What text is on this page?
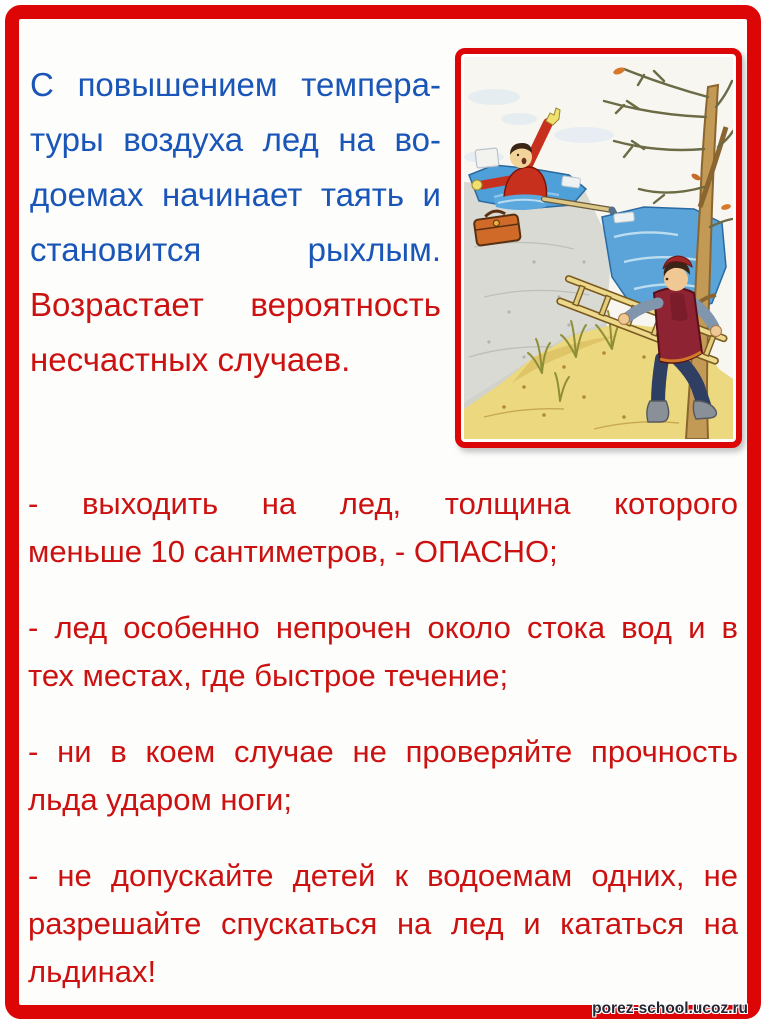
С повышением темпера-
туры воздуха лед на во-
доемах начинает таять и
становится рыхлым.
Возрастает вероятность
несчастных случаев.
- выходить на лед, толщина которого
меньше 10 сантиметров, - ОПАСНО;
- лед особенно непрочен около стока вод и в
тех местах, где быстрое течение;
- ни в коем случае не проверяйте прочность
льда ударом ноги;
- не допускайте детей к водоемам одних, не
разрешайте спускаться на лед и кататься на
льдинах!
porez-school.ucoz.ru
